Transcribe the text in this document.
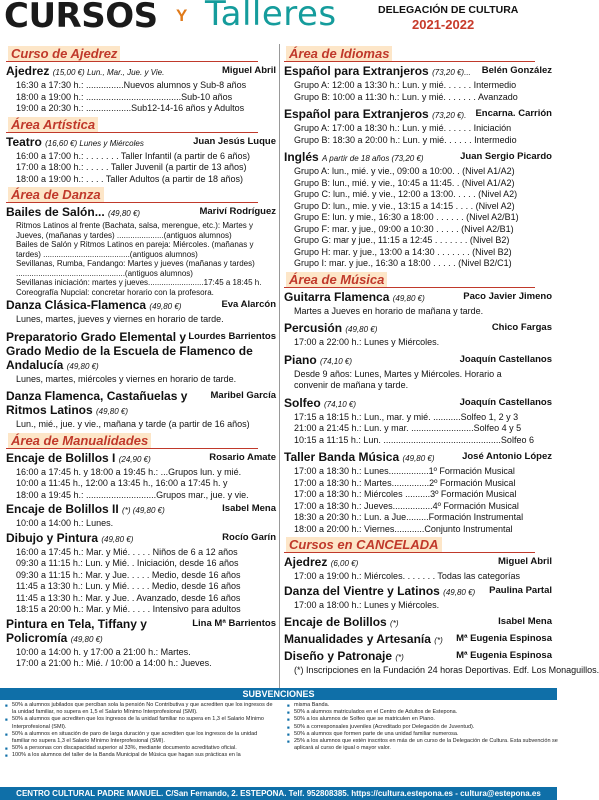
CURSOS Y Talleres	DELEGACIÓN DE CULTURA
2021-2022
Curso de Ajedrez
Miguel Abril
Ajedrez (15,00 €) Lun., Mar., Jue. y Vie.
16:30 a 17:30 h.: ...............Nuevos alumnos y Sub-8 años
18:00 a 19:00 h.: ......................................Sub-10 años
19:00 a 20:30 h.: ..................Sub12-14-16 años y Adultos
Área Artística
Juan Jesús Luque
Teatro (16,60 €) Lunes y Miércoles
16:00 a 17:00 h.: . . . . . . . Taller Infantil (a partir de 6 años)
17:00 a 18:00 h.: . . . . . Taller Juvenil (a partir de 13 años)
18:00 a 19:00 h.: . . . . Taller Adultos (a partir de 18 años)
Área de Danza
Mariví Rodríguez
Bailes de Salón... (49,80 €)
Ritmos Latinos al frente (Bachata, salsa, merengue, etc.): Martes y Jueves, (mañanas y tardes) .....................(antiguos alumnos)
Bailes de Salón y Ritmos Latinos en pareja: Miércoles. (mañanas y tardes) .......................................(antiguos alumnos)
Sevillanas, Rumba, Fandango: Martes y jueves (mañanas y tardes) .................................................(antiguos alumnos)
Sevillanas iniciación: martes y jueves.........................17:45 a 18:45 h.
Coreografía Nupcial: concretar horario con la profesora.
Eva Alarcón
Danza Clásica-Flamenca (49,80 €)
Lunes, martes, jueves y viernes en horario de tarde.
Lourdes Barrientos
Preparatorio Grado Elemental y Grado Medio de la Escuela de Flamenco de Andalucía (49,80 €)
Lunes, martes, miércoles y viernes en horario de tarde.
Maribel García
Danza Flamenca, Castañuelas y Ritmos Latinos (49,80 €)
Lun., mié., jue. y vie., mañana y tarde (a partir de 16 años)
Área de Manualidades
Rosario Amate
Encaje de Bolillos I (24,90 €)
16:00 a 17:45 h. y 18:00 a 19:45 h.: ...Grupos lun. y mié.
10:00 a 11:45 h., 12:00 a 13:45 h., 16:00 a 17:45 h. y
18:00 a 19:45 h.: ............................Grupos mar., jue. y vie.
Isabel Mena
Encaje de Bolillos II (*) (49,80 €)
10:00 a 14:00 h.: Lunes.
Rocío Garín
Dibujo y Pintura (49,80 €)
16:00 a 17:45 h.: Mar. y Mié. . . . . Niños de 6 a 12 años
09:30 a 11:15 h.: Lun. y Mié. . Iniciación, desde 16 años
09:30 a 11:15 h.: Mar. y Jue. . . . . Medio, desde 16 años
11:45 a 13:30 h.: Lun. y Mié. . . . . Medio, desde 16 años
11:45 a 13:30 h.: Mar. y Jue. . Avanzado, desde 16 años
18:15 a 20:00 h.: Mar. y Mié. . . . . Intensivo para adultos
Lina Mª Barrientos
Pintura en Tela, Tiffany y Policromía (49,80 €)
10:00 a 14:00 h. y 17:00 a 21:00 h.: Martes.
17:00 a 21:00 h.: Mié. / 10:00 a 14:00 h.: Jueves.
Área de Idiomas
Belén González
Español para Extranjeros (73,20 €)...
Grupo A: 12:00 a 13:30 h.: Lun. y mié. . . . . . Intermedio
Grupo B: 10:00 a 11:30 h.: Lun. y mié. . . . . . . Avanzado
Encarna. Carrión
Español para Extranjeros (73,20 €).
Grupo A: 17:00 a 18:30 h.: Lun. y mié. . . . . . Iniciación
Grupo B: 18:30 a 20:00 h.: Lun. y mié. . . . . . Intermedio
Juan Sergio Picardo
Inglés A partir de 18 años (73,20 €)
Grupo A: lun., mié. y vie., 09:00 a 10:00. . (Nivel A1/A2)
Grupo B: lun., mié. y vie., 10:45 a 11:45. . (Nivel A1/A2)
Grupo C: lun., mié. y vie., 12:00 a 13:00. . . . . (Nivel A2)
Grupo D: lun., mie. y vie., 13:15 a 14:15 . . . . (Nivel A2)
Grupo E: lun. y mie., 16:30 a 18:00 . . . . . . (Nivel A2/B1)
Grupo F: mar. y jue., 09:00 a 10:30 . . . . . (Nivel A2/B1)
Grupo G: mar y jue., 11:15 a 12:45 . . . . . . . (Nivel B2)
Grupo H: mar. y jue., 13:00 a 14:30 . . . . . . . (Nivel B2)
Grupo I: mar. y jue., 16:30 a 18:00 . . . . . (Nivel B2/C1)
Área de Música
Paco Javier Jimeno
Guitarra Flamenca (49,80 €)
Martes a Jueves en horario de mañana y tarde.
Chico Fargas
Percusión (49,80 €)
17:00 a 22:00 h.: Lunes y Miércoles.
Joaquín Castellanos
Piano (74,10 €)
Desde 9 años: Lunes, Martes y Miércoles. Horario a
convenir de mañana y tarde.
Joaquín Castellanos
Solfeo (74,10 €)
17:15 a 18:15 h.: Lun., mar. y mié. ...........Solfeo 1, 2 y 3
21:00 a 21:45 h.: Lun. y mar. .........................Solfeo 4 y 5
10:15 a 11:15 h.: Lun. ...............................................Solfeo 6
José Antonio López
Taller Banda Música (49,80 €)
17:00 a 18:30 h.: Lunes................1º Formación Musical
17:00 a 18:30 h.: Martes...............2º Formación Musical
17:00 a 18:30 h.: Miércoles ..........3º Formación Musical
17:00 a 18:30 h.: Jueves................4º Formación Musical
18:30 a 20:30 h.: Lun. a Jue.........Formación Instrumental
18:00 a 20:00 h.: Viernes............Conjunto Instrumental
Cursos en CANCELADA
Miguel Abril
Ajedrez (6,00 €)
17:00 a 19:00 h.: Miércoles. . . . . . . Todas las categorías
Paulina Partal
Danza del Vientre y Latinos (49,80 €)
17:00 a 18:00 h.: Lunes y Miércoles.
Isabel Mena
Encaje de Bolillos (*)
Mª Eugenia Espinosa
Manualidades y Artesanía (*)
Mª Eugenia Espinosa
Diseño y Patronaje (*)
(*) Inscripciones en la Fundación 24 horas Deportivas. Edf. Los Monaguillos.
SUBVENCIONES
■ 50% a alumnos jubilados que perciban sola la pensión No Contributiva y que acrediten que los ingresos de la unidad familiar, no supera en 1,5 el Salario Mínimo Interprofesional (SMI).
■ 50% a alumnos que acrediten que los ingresos de la unidad familiar no supera en 1,3 el Salario Mínimo Interprofesional (SMI).
■ 50% a alumnos en situación de paro de larga duración y que acrediten que los ingresos de la unidad familiar no supera 1,3 el Salario Mínimo Interprofesional (SMI).
■ 50% a personas con discapacidad superior al 33%, mediante documento acreditativo oficial.
■ 100% a los alumnos del taller de la Banda Municipal de Música que hagan sus prácticas en la
■ misma Banda.
■ 50% a alumnos matriculados en el Centro de Adultos de Estepona.
■ 50% a los alumnos de Solfeo que se matriculen en Piano.
■ 50% a corresponsales juveniles (Acreditado por Delegación de Juventud).
■ 50% a alumnos que formen parte de una unidad familiar numerosa.
■ 25% a los alumnos que estén inscritos en más de un curso de la Delegación de Cultura. Esta subvención se aplicará al curso de igual o mayor valor.
CENTRO CULTURAL PADRE MANUEL. C/San Fernando, 2. ESTEPONA. Telf. 952808385. https://cultura.estepona.es - cultura@estepona.es
